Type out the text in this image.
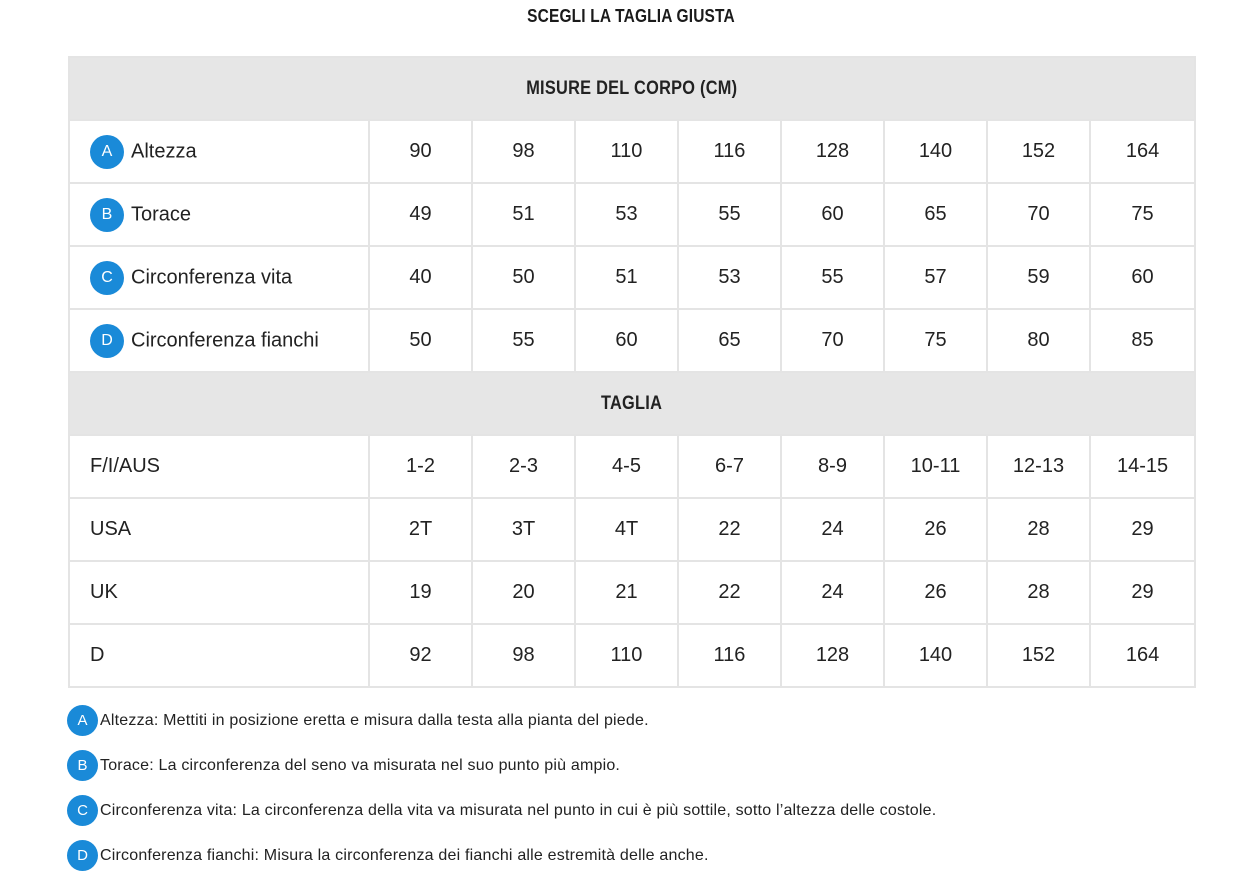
SCEGLI LA TAGLIA GIUSTA
MISURE DEL CORPO (CM)								
A Altezza	90	98	110	116	128	140	152	164
B Torace	49	51	53	55	60	65	70	75
C Circonferenza vita	40	50	51	53	55	57	59	60
D Circonferenza fianchi	50	55	60	65	70	75	80	85
TAGLIA								
F/I/AUS	1-2	2-3	4-5	6-7	8-9	10-11	12-13	14-15
USA	2T	3T	4T	22	24	26	28	29
UK	19	20	21	22	24	26	28	29
D	92	98	110	116	128	140	152	164
A Altezza: Mettiti in posizione eretta e misura dalla testa alla pianta del piede.
B Torace: La circonferenza del seno va misurata nel suo punto più ampio.
C Circonferenza vita: La circonferenza della vita va misurata nel punto in cui è più sottile, sotto l’altezza delle costole.
D Circonferenza fianchi: Misura la circonferenza dei fianchi alle estremità delle anche.
